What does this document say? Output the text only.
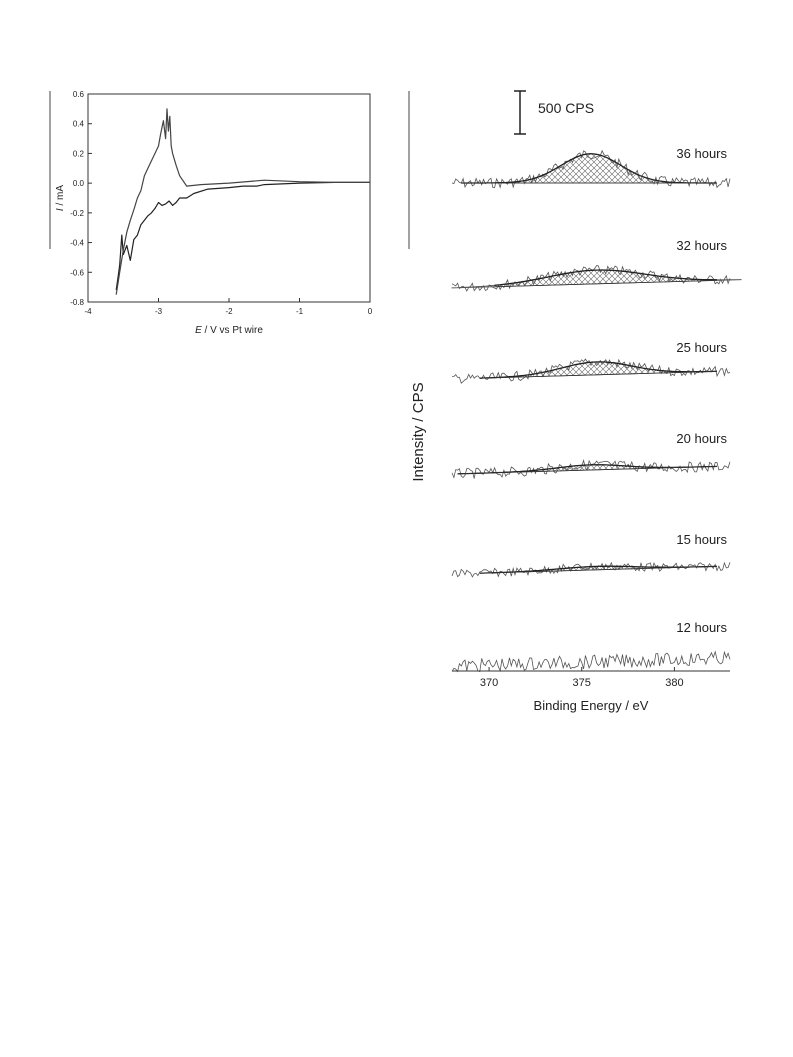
0.6
0.4
0.2
0.0
-0.2
-0.4
-0.6
-0.8
-4	-3	-2	-1	0
E / V vs Pt wire
I / mA
500 CPS
36 hours
32 hours
25 hours
20 hours
15 hours
12 hours
370	375	380
Binding Energy / eV
Intensity / CPS
